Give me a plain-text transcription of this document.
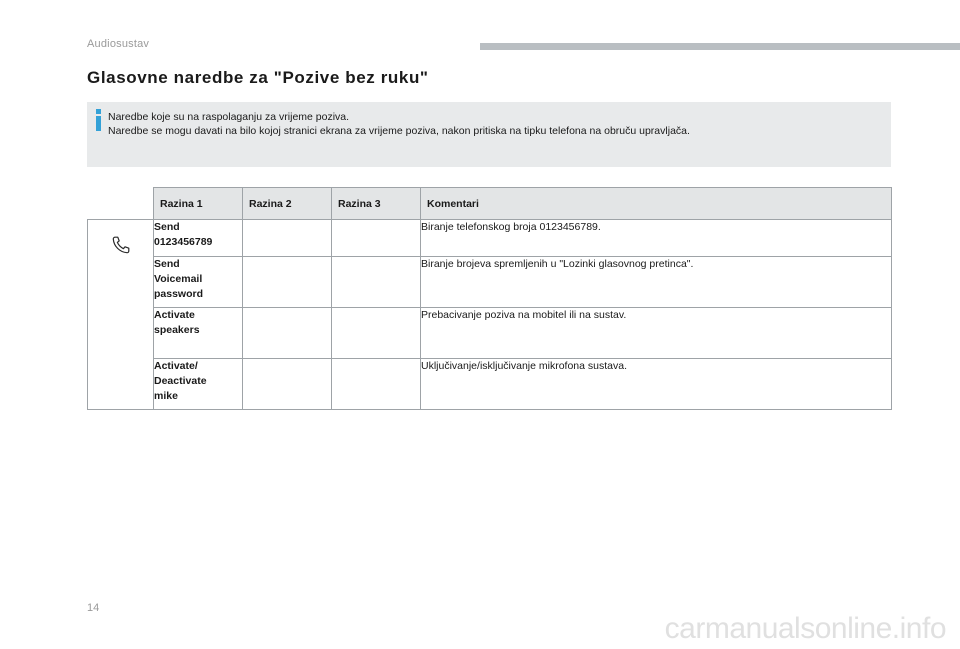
Audiosustav
Glasovne naredbe za "Pozive bez ruku"
Naredbe koje su na raspolaganju za vrijeme poziva.
Naredbe se mogu davati na bilo kojoj stranici ekrana za vrijeme poziva, nakon pritiska na tipku telefona na obruču upravljača.
	Razina 1	Razina 2	Razina 3	Komentari

	Send
0123456789			Biranje telefonskog broja 0123456789.
	Send
Voicemail
password			Biranje brojeva spremljenih u "Lozinki glasovnog pretinca".
	Activate
speakers			Prebacivanje poziva na mobitel ili na sustav.
	Activate/
Deactivate
mike			Uključivanje/isključivanje mikrofona sustava.
14
carmanualsonline.info
